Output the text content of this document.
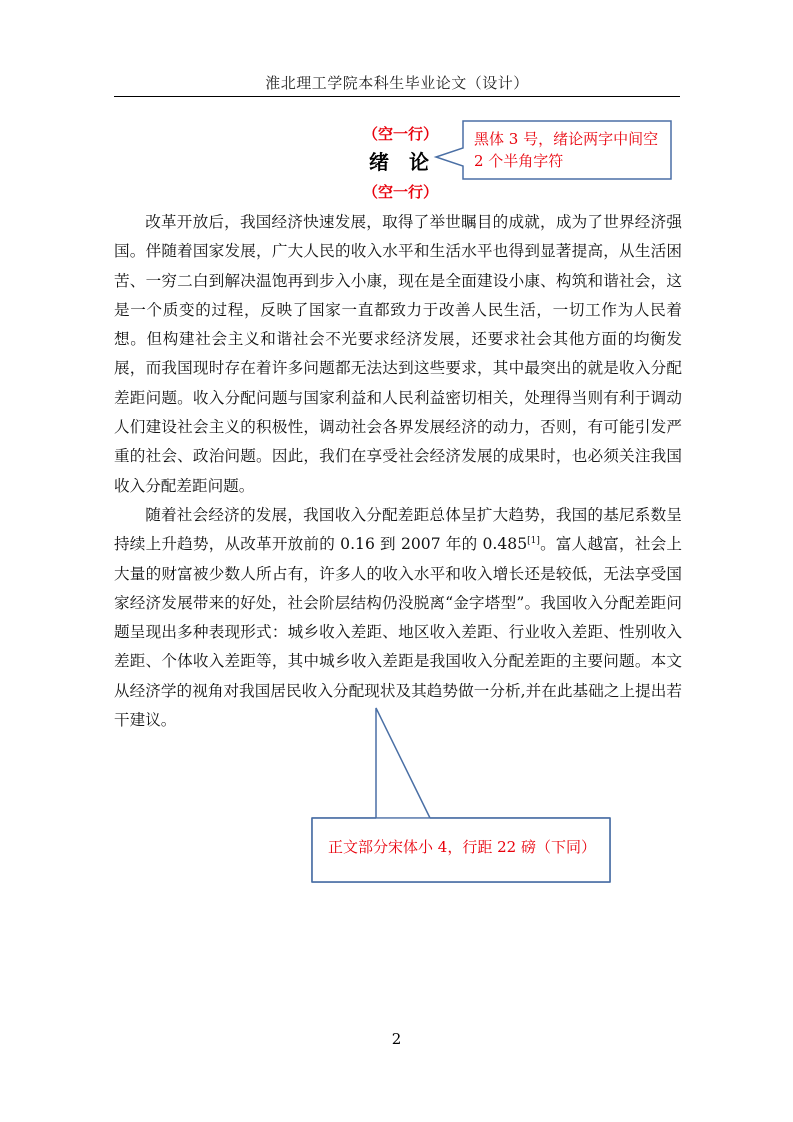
淮北理工学院本科生毕业论文（设计）
（空一行）
绪  论
（空一行）
黑体 3 号，绪论两字中间空 2 个半角字符

改革开放后，我国经济快速发展，取得了举世瞩目的成就，成为了世界经济强国。伴随着国家发展，广大人民的收入水平和生活水平也得到显著提高，从生活困苦、一穷二白到解决温饱再到步入小康，现在是全面建设小康、构筑和谐社会，这是一个质变的过程，反映了国家一直都致力于改善人民生活，一切工作为人民着想。但构建社会主义和谐社会不光要求经济发展，还要求社会其他方面的均衡发展，而我国现时存在着许多问题都无法达到这些要求，其中最突出的就是收入分配差距问题。收入分配问题与国家利益和人民利益密切相关，处理得当则有利于调动人们建设社会主义的积极性，调动社会各界发展经济的动力，否则，有可能引发严重的社会、政治问题。因此，我们在享受社会经济发展的成果时，也必须关注我国收入分配差距问题。

随着社会经济的发展，我国收入分配差距总体呈扩大趋势，我国的基尼系数呈持续上升趋势，从改革开放前的 0.16 到 2007 年的 0.485[1]。富人越富，社会上大量的财富被少数人所占有，许多人的收入水平和收入增长还是较低，无法享受国家经济发展带来的好处，社会阶层结构仍没脱离“金字塔型”。我国收入分配差距问题呈现出多种表现形式：城乡收入差距、地区收入差距、行业收入差距、性别收入差距、个体收入差距等，其中城乡收入差距是我国收入分配差距的主要问题。本文从经济学的视角对我国居民收入分配现状及其趋势做一分析,并在此基础之上提出若干建议。

正文部分宋体小 4，行距 22 磅（下同）
2
